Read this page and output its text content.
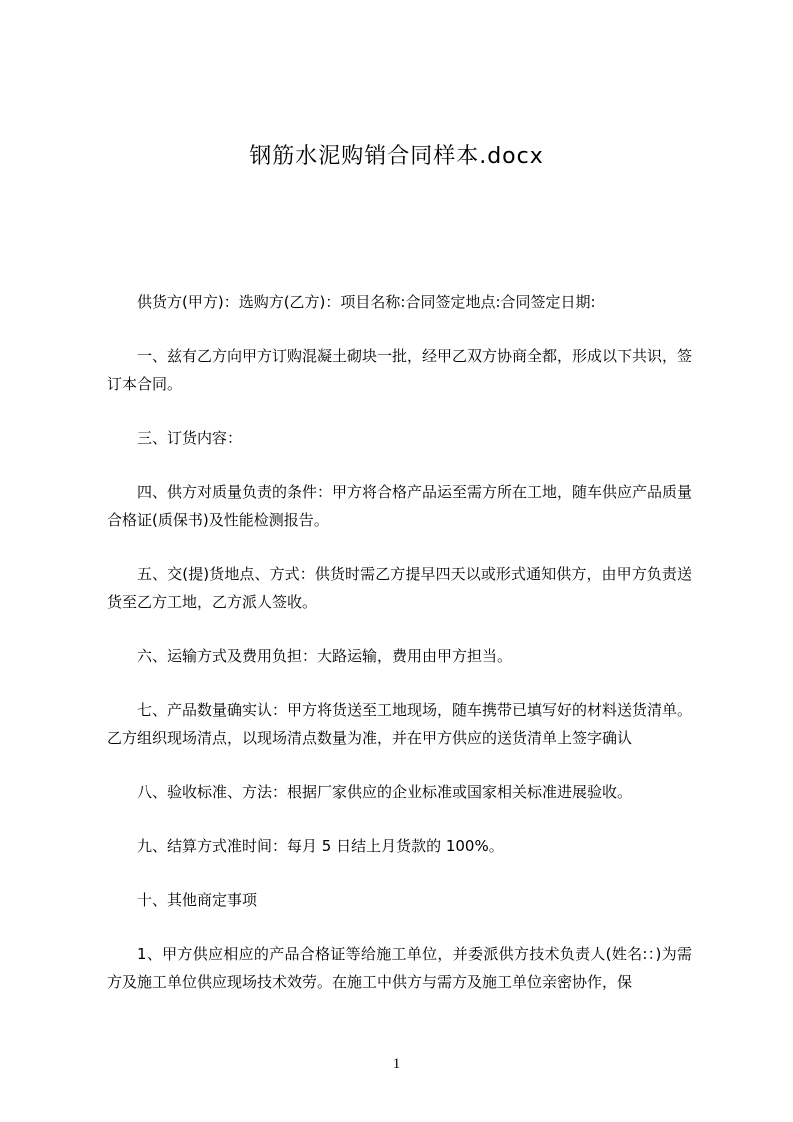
钢筋水泥购销合同样本.docx

供货方(甲方)：选购方(乙方)：项目名称:合同签定地点:合同签定日期:

一、兹有乙方向甲方订购混凝土砌块一批，经甲乙双方协商全都，形成以下共识，签订本合同。

三、订货内容：

四、供方对质量负责的条件：甲方将合格产品运至需方所在工地，随车供应产品质量合格证(质保书)及性能检测报告。

五、交(提)货地点、方式：供货时需乙方提早四天以或形式通知供方，由甲方负责送货至乙方工地，乙方派人签收。

六、运输方式及费用负担：大路运输，费用由甲方担当。

七、产品数量确实认：甲方将货送至工地现场，随车携带已填写好的材料送货清单。乙方组织现场清点，以现场清点数量为准，并在甲方供应的送货清单上签字确认

八、验收标准、方法：根据厂家供应的企业标准或国家相关标准进展验收。

九、结算方式准时间：每月 5 日结上月货款的 100%。

十、其他商定事项

1、甲方供应相应的产品合格证等给施工单位，并委派供方技术负责人(姓名:：)为需方及施工单位供应现场技术效劳。在施工中供方与需方及施工单位亲密协作，保

1
